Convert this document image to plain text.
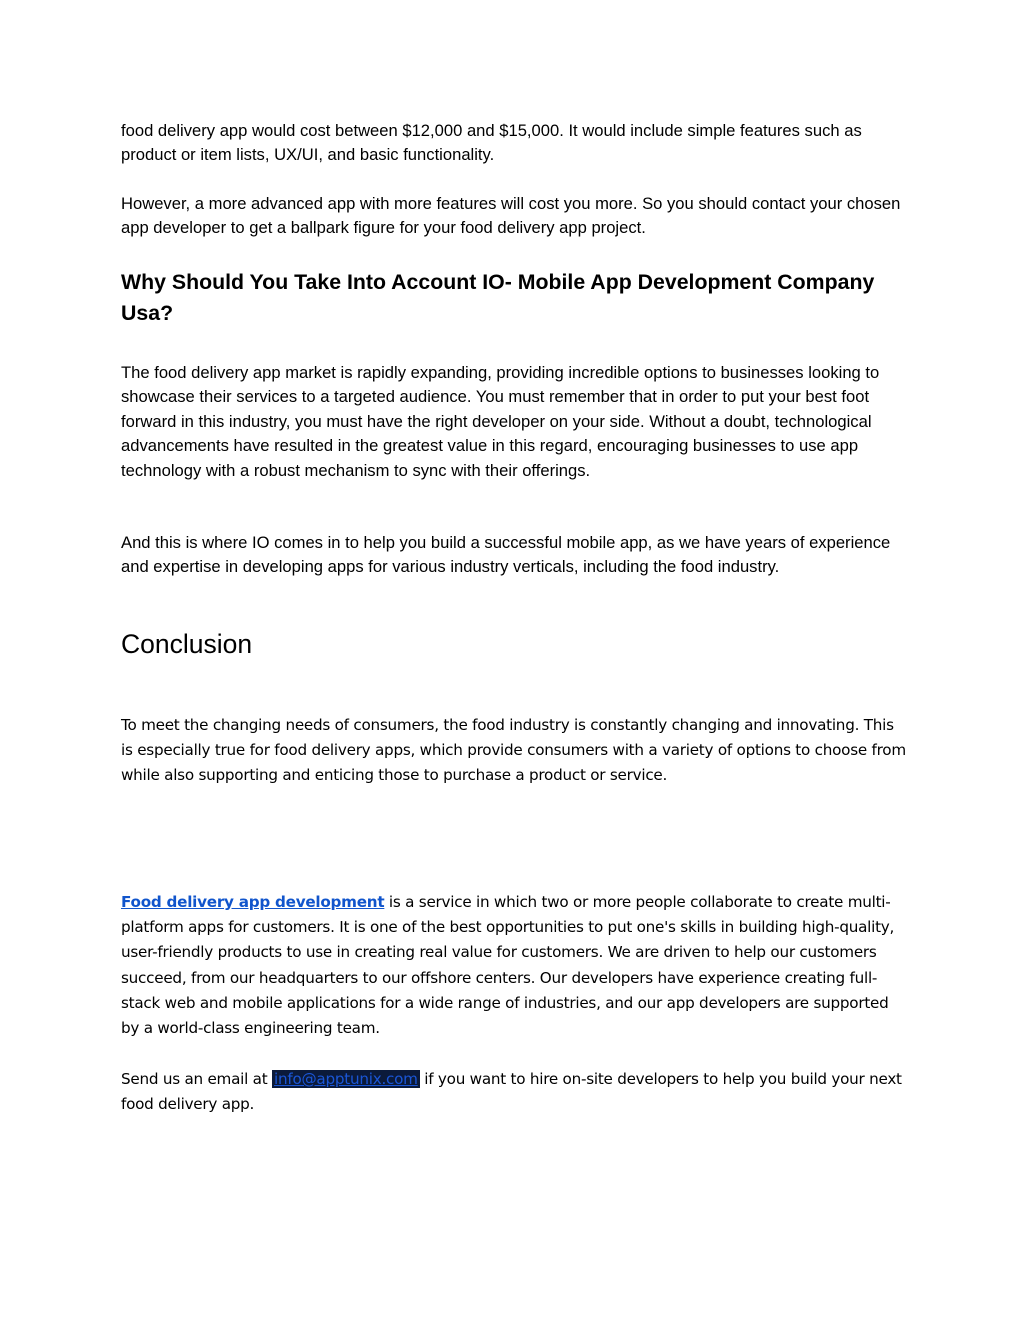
food delivery app would cost between $12,000 and $15,000. It would include simple features such as product or item lists, UX/UI, and basic functionality.

However, a more advanced app with more features will cost you more. So you should contact your chosen app developer to get a ballpark figure for your food delivery app project.

Why Should You Take Into Account IO- Mobile App Development Company Usa?

The food delivery app market is rapidly expanding, providing incredible options to businesses looking to showcase their services to a targeted audience. You must remember that in order to put your best foot forward in this industry, you must have the right developer on your side. Without a doubt, technological advancements have resulted in the greatest value in this regard, encouraging businesses to use app technology with a robust mechanism to sync with their offerings.

And this is where IO comes in to help you build a successful mobile app, as we have years of experience and expertise in developing apps for various industry verticals, including the food industry.

Conclusion

To meet the changing needs of consumers, the food industry is constantly changing and innovating. This is especially true for food delivery apps, which provide consumers with a variety of options to choose from while also supporting and enticing those to purchase a product or service.

Food delivery app development is a service in which two or more people collaborate to create multi-platform apps for customers. It is one of the best opportunities to put one's skills in building high-quality, user-friendly products to use in creating real value for customers. We are driven to help our customers succeed, from our headquarters to our offshore centers. Our developers have experience creating full-stack web and mobile applications for a wide range of industries, and our app developers are supported by a world-class engineering team.

Send us an email at info@apptunix.com if you want to hire on-site developers to help you build your next food delivery app.
